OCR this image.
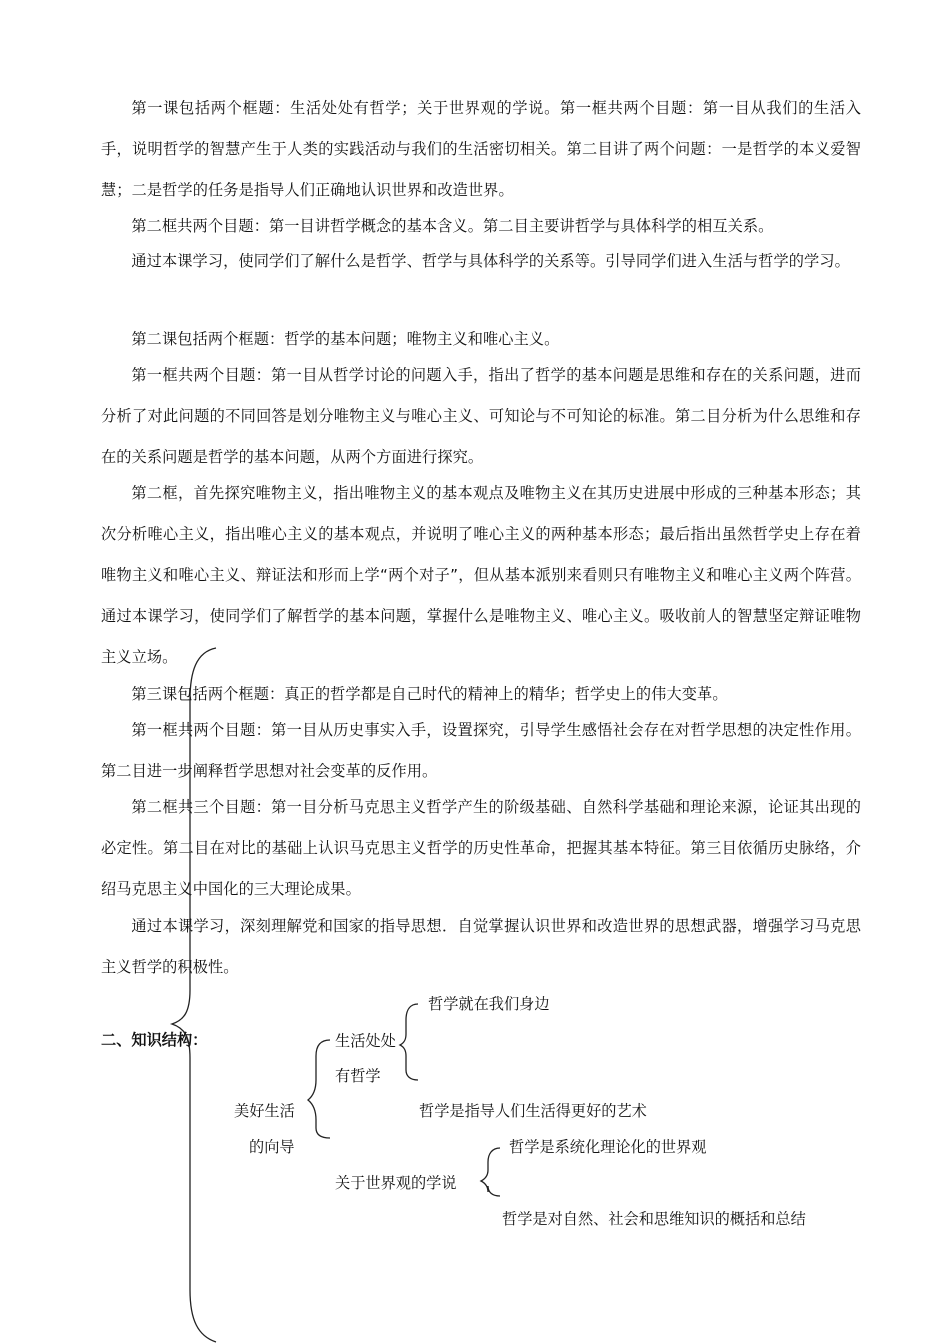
第一课包括两个框题：生活处处有哲学；关于世界观的学说。第一框共两个目题：第一目从我们的生活入手，说明哲学的智慧产生于人类的实践活动与我们的生活密切相关。第二目讲了两个问题：一是哲学的本义爱智慧；二是哲学的任务是指导人们正确地认识世界和改造世界。

第二框共两个目题：第一目讲哲学概念的基本含义。第二目主要讲哲学与具体科学的相互关系。

通过本课学习，使同学们了解什么是哲学、哲学与具体科学的关系等。引导同学们进入生活与哲学的学习。

第二课包括两个框题：哲学的基本问题；唯物主义和唯心主义。

第一框共两个目题：第一目从哲学讨论的问题入手，指出了哲学的基本问题是思维和存在的关系问题，进而分析了对此问题的不同回答是划分唯物主义与唯心主义、可知论与不可知论的标准。第二目分析为什么思维和存在的关系问题是哲学的基本问题，从两个方面进行探究。

第二框，首先探究唯物主义，指出唯物主义的基本观点及唯物主义在其历史进展中形成的三种基本形态；其次分析唯心主义，指出唯心主义的基本观点，并说明了唯心主义的两种基本形态；最后指出虽然哲学史上存在着唯物主义和唯心主义、辩证法和形而上学“两个对子”，但从基本派别来看则只有唯物主义和唯心主义两个阵营。通过本课学习，使同学们了解哲学的基本问题，掌握什么是唯物主义、唯心主义。吸收前人的智慧坚定辩证唯物主义立场。

第三课包括两个框题：真正的哲学都是自己时代的精神上的精华；哲学史上的伟大变革。

第一框共两个目题：第一目从历史事实入手，设置探究，引导学生感悟社会存在对哲学思想的决定性作用。第二目进一步阐释哲学思想对社会变革的反作用。

第二框共三个目题：第一目分析马克思主义哲学产生的阶级基础、自然科学基础和理论来源，论证其出现的必定性。第二目在对比的基础上认识马克思主义哲学的历史性革命，把握其基本特征。第三目依循历史脉络，介绍马克思主义中国化的三大理论成果。

通过本课学习，深刻理解党和国家的指导思想．自觉掌握认识世界和改造世界的思想武器，增强学习马克思主义哲学的积极性。

二、知识结构：
美好生活
的向导
生活处处
有哲学
哲学就在我们身边
哲学是指导人们生活得更好的艺术
关于世界观的学说
哲学是系统化理论化的世界观
哲学是对自然、社会和思维知识的概括和总结
